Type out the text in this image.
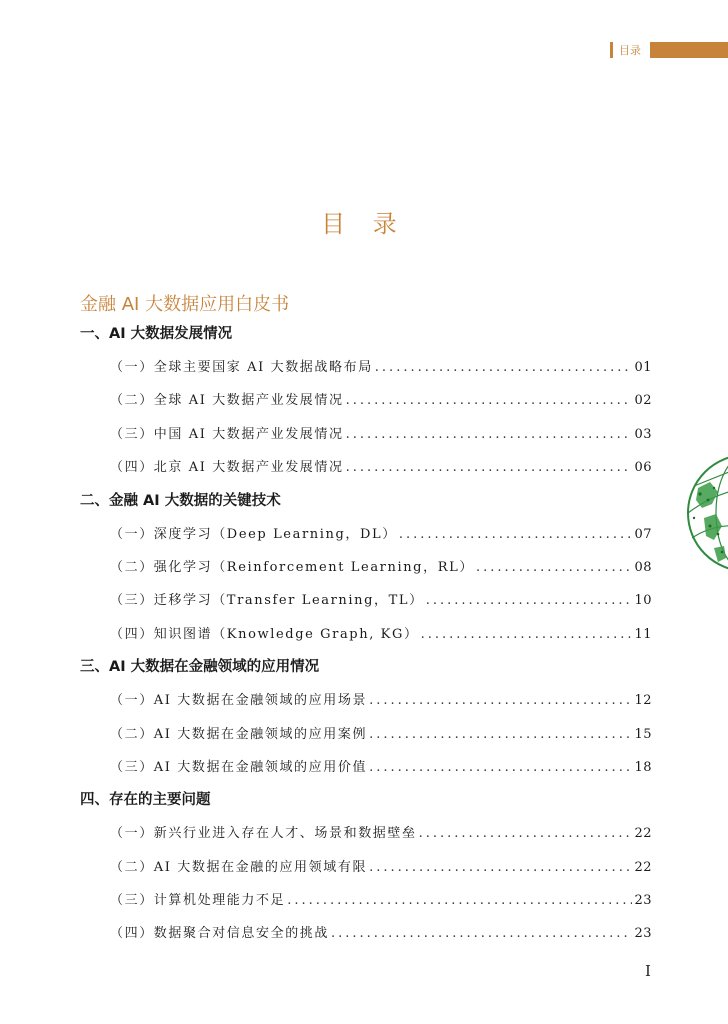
目录
目 录
金融 AI 大数据应用白皮书
一、AI 大数据发展情况
（一）全球主要国家 AI 大数据战略布局 .....	01
（二）全球 AI 大数据产业发展情况 .....	02
（三）中国 AI 大数据产业发展情况 .....	03
（四）北京 AI 大数据产业发展情况 .....	06
二、金融 AI 大数据的关键技术
（一）深度学习（Deep Learning，DL） .....	07
（二）强化学习（Reinforcement Learning，RL） .....	08
（三）迁移学习（Transfer Learning，TL） .....	10
（四）知识图谱（Knowledge Graph, KG） .....	11
三、AI 大数据在金融领域的应用情况
（一）AI 大数据在金融领域的应用场景 .....	12
（二）AI 大数据在金融领域的应用案例 .....	15
（三）AI 大数据在金融领域的应用价值 .....	18
四、存在的主要问题
（一）新兴行业进入存在人才、场景和数据壁垒 .....	22
（二）AI 大数据在金融的应用领域有限 .....	22
（三）计算机处理能力不足 .....	23
（四）数据聚合对信息安全的挑战 .....	23
I
